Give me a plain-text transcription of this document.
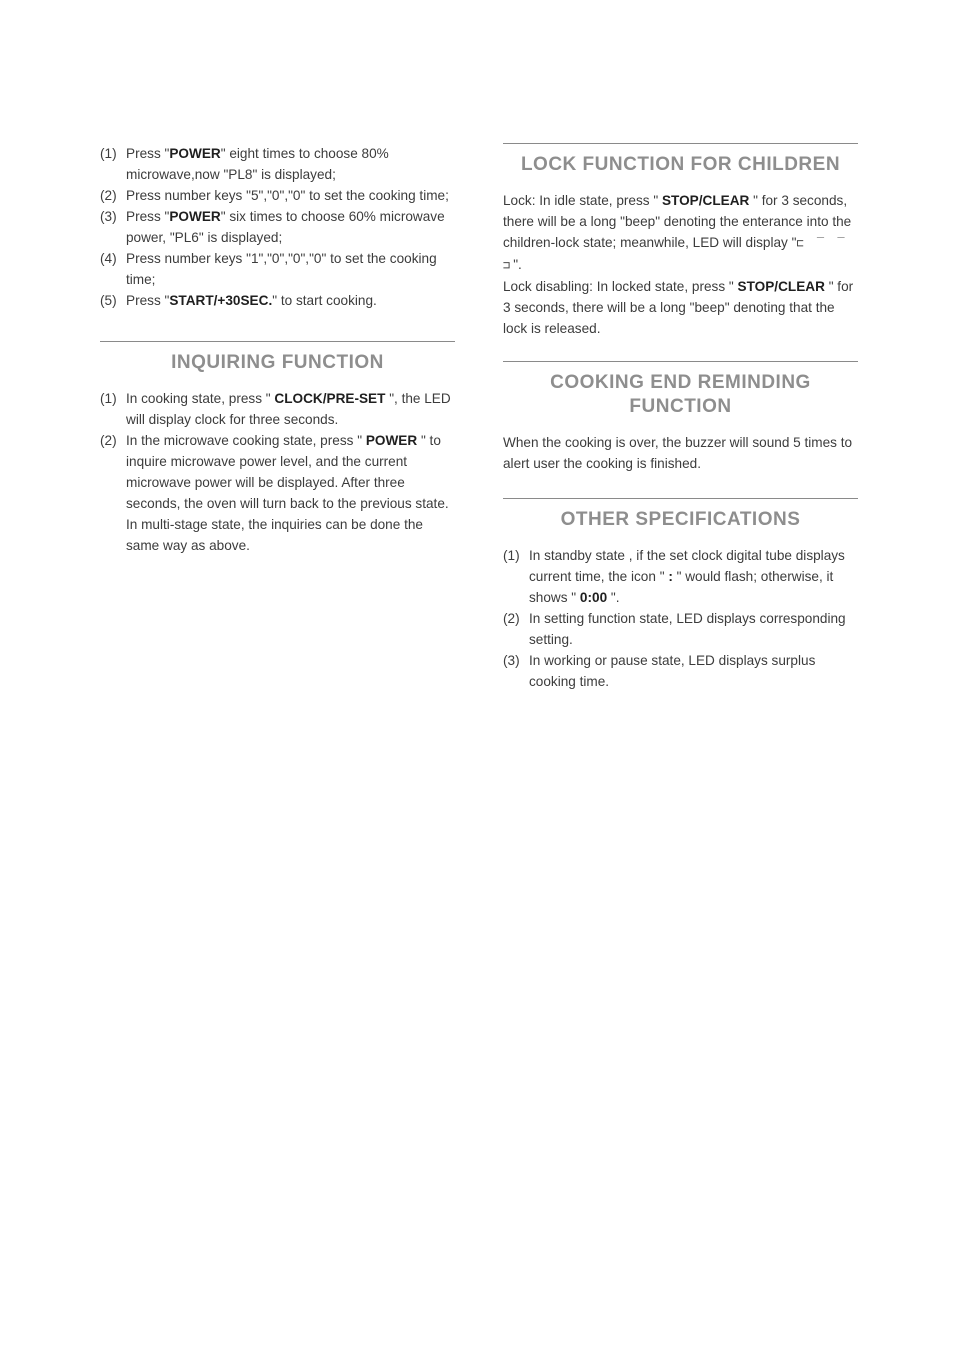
(1) Press "POWER" eight times to choose 80% microwave,now "PL8" is displayed;
(2) Press number keys "5","0","0" to set the cooking time;
(3) Press "POWER" six times to choose 60% microwave power, "PL6" is displayed;
(4) Press number keys "1","0","0","0" to set the cooking time;
(5) Press "START/+30SEC." to start cooking.
INQUIRING FUNCTION
(1) In cooking state, press " CLOCK/PRE-SET ", the LED will display clock for three seconds.
(2) In the microwave cooking state, press " POWER " to inquire microwave power level, and the current microwave power will be displayed. After three seconds, the oven will turn back to the previous state. In multi-stage state, the inquiries can be done the same way as above.
LOCK FUNCTION FOR CHILDREN

Lock: In idle state, press " STOP/CLEAR " for 3 seconds, there will be a long "beep" denoting the enterance into the children-lock state; meanwhile, LED will display "⊏ ‾ ‾ ⊐".

Lock disabling: In locked state, press " STOP/CLEAR " for 3 seconds, there will be a long "beep" denoting that the lock is released.

COOKING END REMINDING FUNCTION

When the cooking is over, the buzzer will sound 5 times to alert user the cooking is finished.

OTHER SPECIFICATIONS
(1) In standby state , if the set clock digital tube displays current time, the icon " : " would flash; otherwise, it shows " 0:00 ".
(2) In setting function state, LED displays corresponding setting.
(3) In working or pause state, LED displays surplus cooking time.
